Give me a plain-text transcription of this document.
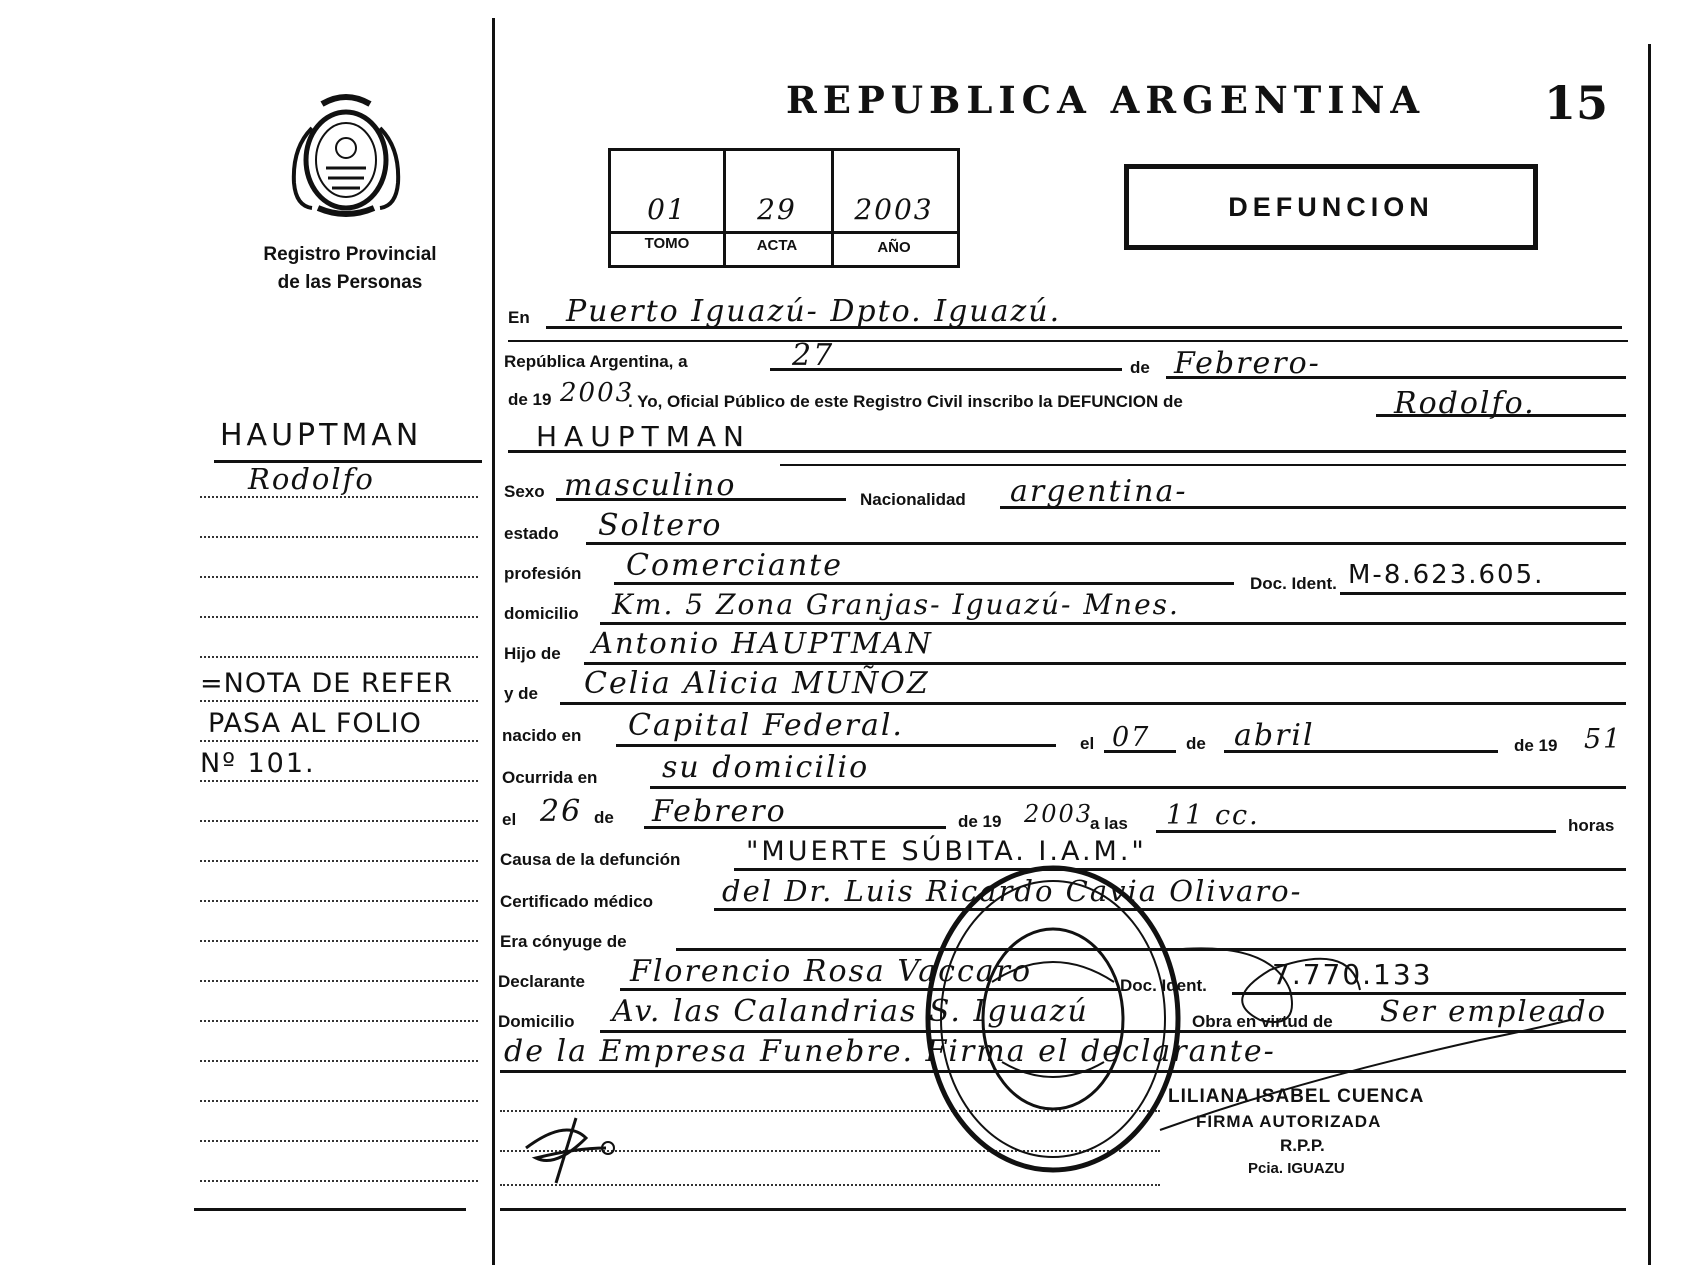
Registro Provincial
de las Personas
REPUBLICA ARGENTINA	15
01	29	2003
TOMO	ACTA	AÑO
DEFUNCION
HAUPTMAN
Rodolfo
=NOTA DE REFER
PASA AL FOLIO
Nº 101.
En Puerto Iguazú- Dpto. Iguazú.
República Argentina, a	27	de Febrero-
de 19 2003
. Yo, Oficial Público de este Registro Civil inscribo la DEFUNCION de	Rodolfo.
HAUPTMAN
Sexo masculino	Nacionalidad argentina-
estado Soltero
profesión Comerciante
Doc. Ident. M-8.623.605.
domicilio Km. 5 Zona Granjas- Iguazú- Mnes.
Hijo de Antonio HAUPTMAN
y de Celia Alicia MUÑOZ
nacido en Capital Federal.
el 07 de abril	de 19 51
Ocurrida en su domicilio
el 26 de Febrero	de 19 2003
a las 11 cc.	horas
Causa de la defunción "MUERTE SÚBITA. I.A.M."
Certificado médico del Dr. Luis Ricardo Cavia Olivaro-
Era cónyuge de
Declarante Florencio Rosa Vaccaro	Doc. Ident. 7.770.133
Domicilio Av. las Calandrias S. Iguazú	Obra en virtud de Ser empleado
de la Empresa Funebre. Firma el declarante-
LILIANA ISABEL CUENCA
FIRMA AUTORIZADA
R.P.P.
Pcia. IGUAZU
